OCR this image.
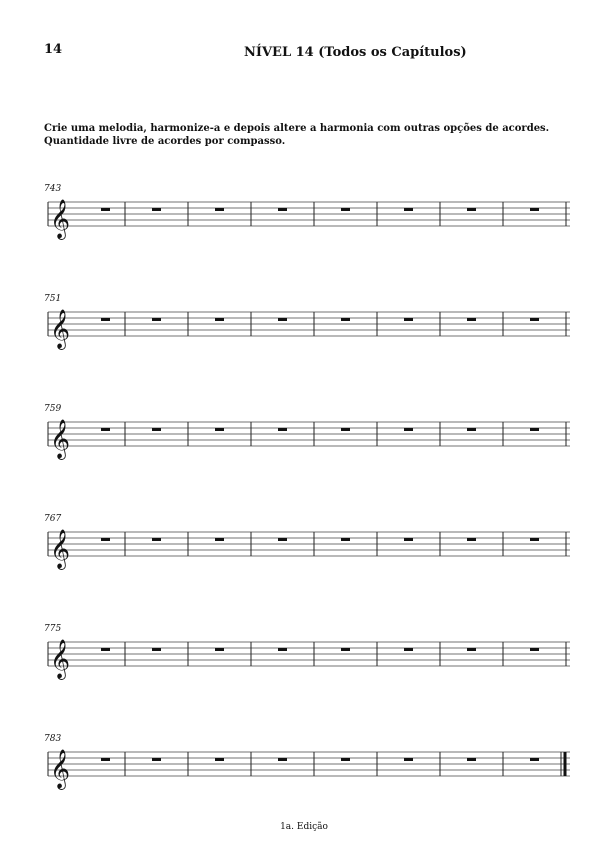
14	NÍVEL 14 (Todos os Capítulos)
Crie uma melodia, harmonize-a e depois altere a harmonia com outras opções de acordes.
Quantidade livre de acordes por compasso.
743
𝄞
751
𝄞
759
𝄞
767
𝄞
775
𝄞
783
𝄞
1a. Edição
